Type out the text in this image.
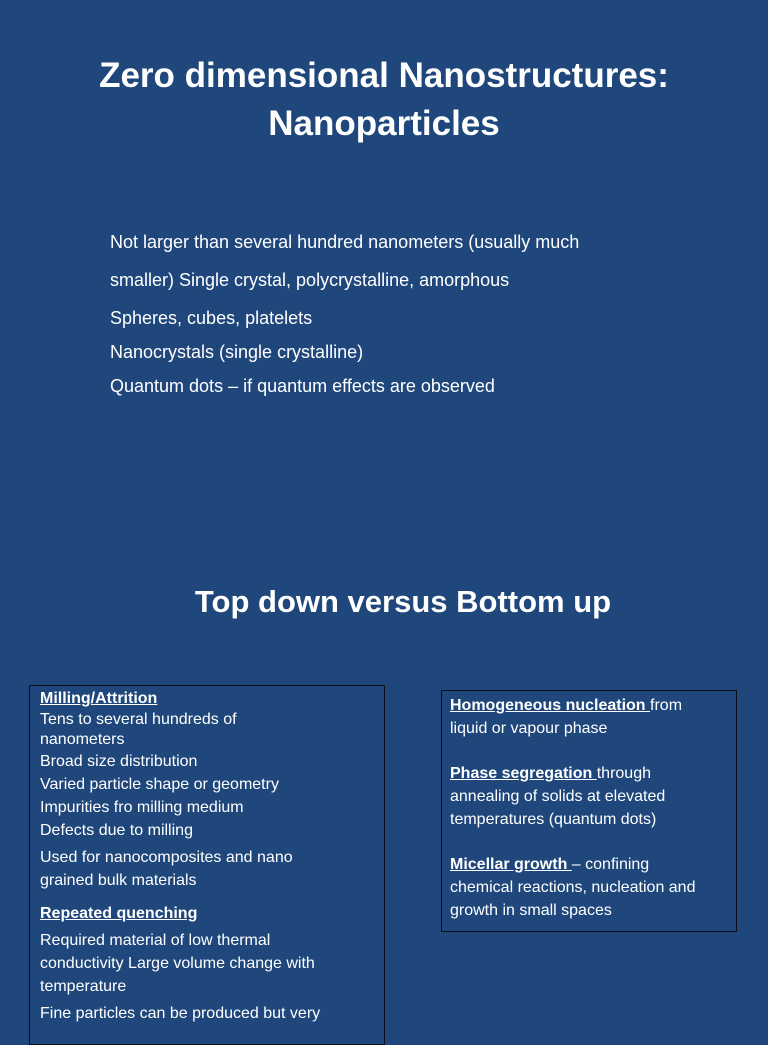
Zero dimensional Nanostructures:
Nanoparticles
Not larger than several hundred nanometers (usually much
smaller) Single crystal, polycrystalline, amorphous
Spheres, cubes, platelets
Nanocrystals (single crystalline)
Quantum dots – if quantum effects are observed
Top down versus Bottom up
Milling/Attrition
Tens to several hundreds of
nanometers
Broad size distribution
Varied particle shape or geometry
Impurities fro milling medium
Defects due to milling
Used for nanocomposites and nano
grained bulk materials
Repeated quenching
Required material of low thermal
conductivity Large volume change with
temperature
Fine particles can be produced but very

Homogeneous nucleation from
liquid or vapour phase

Phase segregation through
annealing of solids at elevated
temperatures (quantum dots)

Micellar growth – confining
chemical reactions, nucleation and
growth in small spaces
